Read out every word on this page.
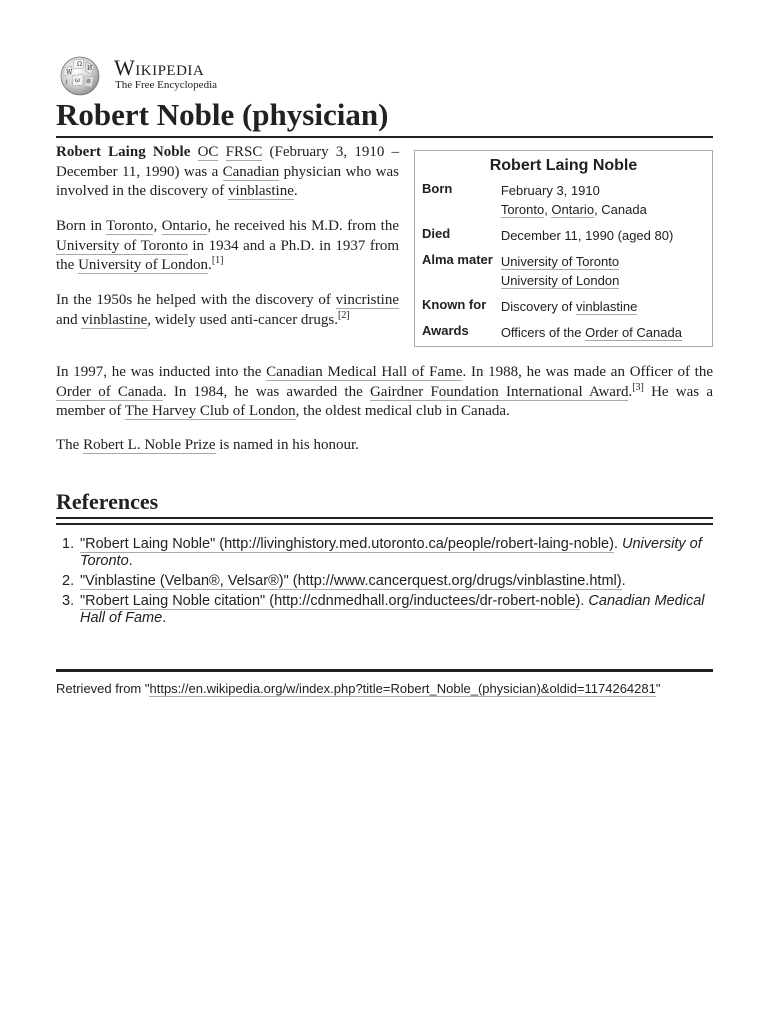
Ω
W
И
ω 維
ا
Wikipedia
The Free Encyclopedia
Robert Noble (physician)
Robert Laing Noble
Born	February 3, 1910
Toronto, Ontario, Canada
Died	December 11, 1990 (aged 80)
Alma mater	University of Toronto
University of London
Known for	Discovery of vinblastine
Awards	Officers of the Order of Canada

Robert Laing Noble OC FRSC (February 3, 1910 – December 11, 1990) was a Canadian physician who was involved in the discovery of vinblastine.

Born in Toronto, Ontario, he received his M.D. from the University of Toronto in 1934 and a Ph.D. in 1937 from the University of London.[1]

In the 1950s he helped with the discovery of vincristine and vinblastine, widely used anti-cancer drugs.[2]

In 1997, he was inducted into the Canadian Medical Hall of Fame. In 1988, he was made an Officer of the Order of Canada. In 1984, he was awarded the Gairdner Foundation International Award.[3] He was a member of The Harvey Club of London, the oldest medical club in Canada.

The Robert L. Noble Prize is named in his honour.

References
1. "Robert Laing Noble" (http://livinghistory.med.utoronto.ca/people/robert-laing-noble). University of Toronto.
2. "Vinblastine (Velban®, Velsar®)" (http://www.cancerquest.org/drugs/vinblastine.html).
3. "Robert Laing Noble citation" (http://cdnmedhall.org/inductees/dr-robert-noble). Canadian Medical Hall of Fame.
Retrieved from "https://en.wikipedia.org/w/index.php?title=Robert_Noble_(physician)&oldid=1174264281"
